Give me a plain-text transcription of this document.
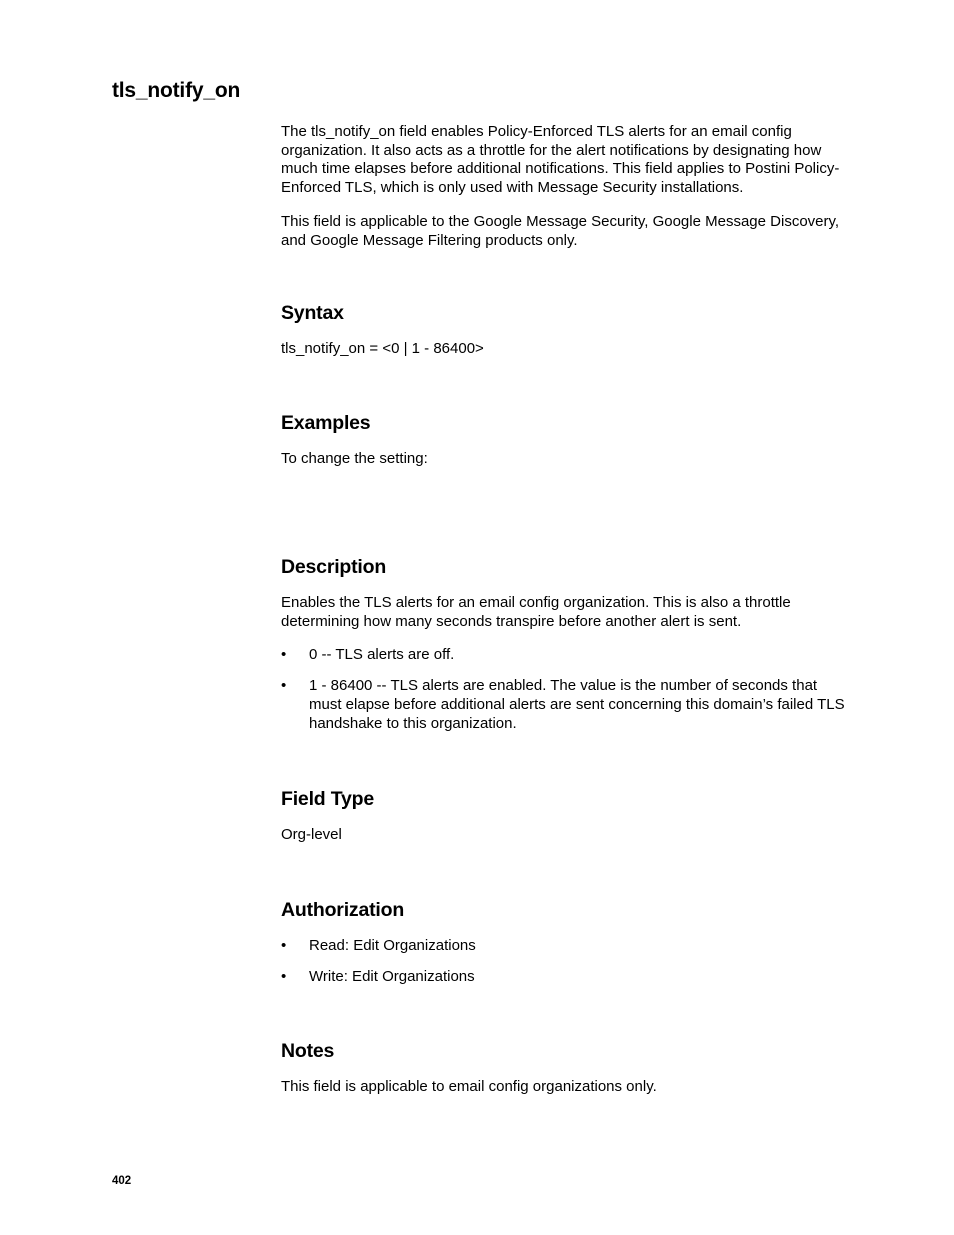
tls_notify_on

The tls_notify_on field enables Policy-Enforced TLS alerts for an email config organization. It also acts as a throttle for the alert notifications by designating how much time elapses before additional notifications. This field applies to Postini Policy-Enforced TLS, which is only used with Message Security installations.

This field is applicable to the Google Message Security, Google Message Discovery, and Google Message Filtering products only.

Syntax

tls_notify_on = <0 | 1 - 86400>

Examples

To change the setting:

Description

Enables the TLS alerts for an email config organization. This is also a throttle determining how many seconds transpire before another alert is sent.

• 0 -- TLS alerts are off.
• 1 - 86400 -- TLS alerts are enabled. The value is the number of seconds that must elapse before additional alerts are sent concerning this domain’s failed TLS handshake to this organization.
Field Type

Org-level

Authorization
• Read: Edit Organizations
• Write: Edit Organizations
Notes

This field is applicable to email config organizations only.

402
